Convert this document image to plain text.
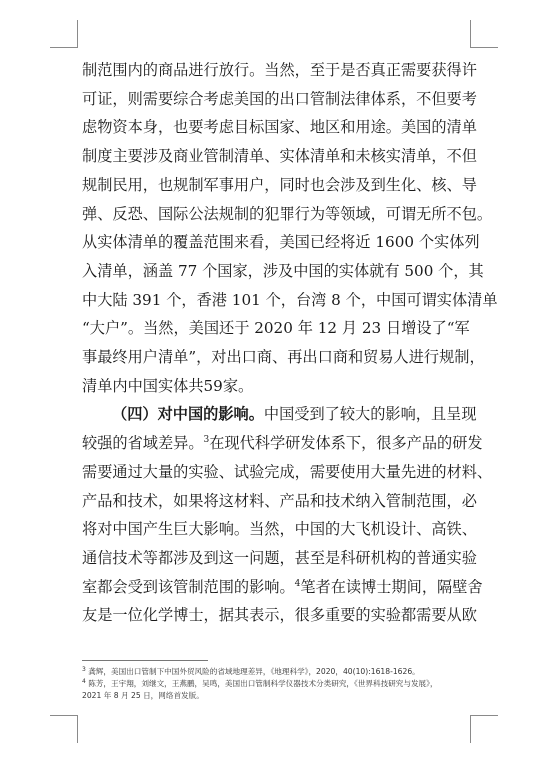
制范围内的商品进行放行。当然，至于是否真正需要获得许
可证，则需要综合考虑美国的出口管制法律体系，不但要考
虑物资本身，也要考虑目标国家、地区和用途。美国的清单
制度主要涉及商业管制清单、实体清单和未核实清单，不但
规制民用，也规制军事用户，同时也会涉及到生化、核、导
弹、反恐、国际公法规制的犯罪行为等领域，可谓无所不包。
从实体清单的覆盖范围来看，美国已经将近 1600 个实体列
入清单，涵盖 77 个国家，涉及中国的实体就有 500 个，其
中大陆 391 个，香港 101 个，台湾 8 个，中国可谓实体清单
“大户”。当然，美国还于 2020 年 12 月 23 日增设了“军
事最终用户清单”，对出口商、再出口商和贸易人进行规制，
清单内中国实体共59家。
（四）对中国的影响。中国受到了较大的影响，且呈现
较强的省域差异。$^3$在现代科学研发体系下，很多产品的研发
需要通过大量的实验、试验完成，需要使用大量先进的材料、
产品和技术，如果将这材料、产品和技术纳入管制范围，必
将对中国产生巨大影响。当然，中国的大飞机设计、高铁、
通信技术等都涉及到这一问题，甚至是科研机构的普通实验
室都会受到该管制范围的影响。$^4$笔者在读博士期间，隔壁舍
友是一位化学博士，据其表示，很多重要的实验都需要从欧
$^3$ 龚辉，美国出口管制下中国外贸风险的省域地理差异，《地理科学》，2020，40(10):1618-1626。
$^4$ 陈芳，王宇翔，刘继文，王燕鹏，吴鸣，美国出口管制科学仪器技术分类研究，《世界科技研究与发展》，
2021 年 8 月 25 日，网络首发版。
